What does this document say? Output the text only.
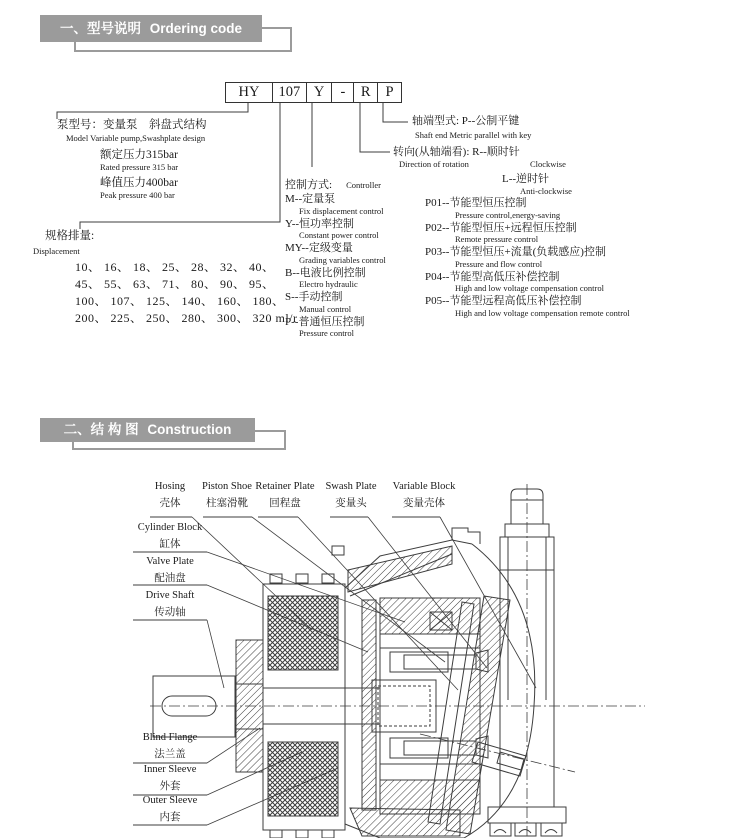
一、型号说明 Ordering code
HY	107 Y	-	R	P
泵型号：变量泵　斜盘式结构
Model Variable pump,Swashplate design
额定压力315bar
Rated pressure 315 bar
峰值压力400bar
Peak pressure 400 bar
规格排量:
Displacement
10、 16、 18、 25、 28、 32、 40、
45、 55、 63、 71、 80、 90、 95、
100、 107、 125、 140、 160、 180、
200、 225、 250、 280、 300、 320 ml/r
控制方式: Controller
M--定量泵
Fix displacement control
Y--恒功率控制
Constant power control
MY--定级变量
Grading variables control
B--电液比例控制
Electro hydraulic
S--手动控制
Manual control
P--普通恒压控制
Pressure control
轴端型式: P--公制平键
Shaft end Metric parallel with key
转向(从轴端看): R--顺时针
Direction of rotation	Clockwise
L--逆时针
Anti-clockwise
P01--节能型恒压控制
Pressure control,energy-saving
P02--节能型恒压+远程恒压控制
Remote pressure control
P03--节能型恒压+流量(负载感应)控制
Pressure and flow control
P04--节能型高低压补偿控制
High and low voltage compensation control
P05--节能型远程高低压补偿控制
High and low voltage compensation remote control
二、结 构 图 Construction
Hosing
壳体
Piston Shoe
柱塞滑靴
Retainer Plate
回程盘
Swash Plate
变量头
Variable Block
变量壳体
Cylinder Block
缸体
Valve Plate
配油盘
Drive Shaft
传动轴
Blind Flange
法兰盖
Inner Sleeve
外套
Outer Sleeve
内套
